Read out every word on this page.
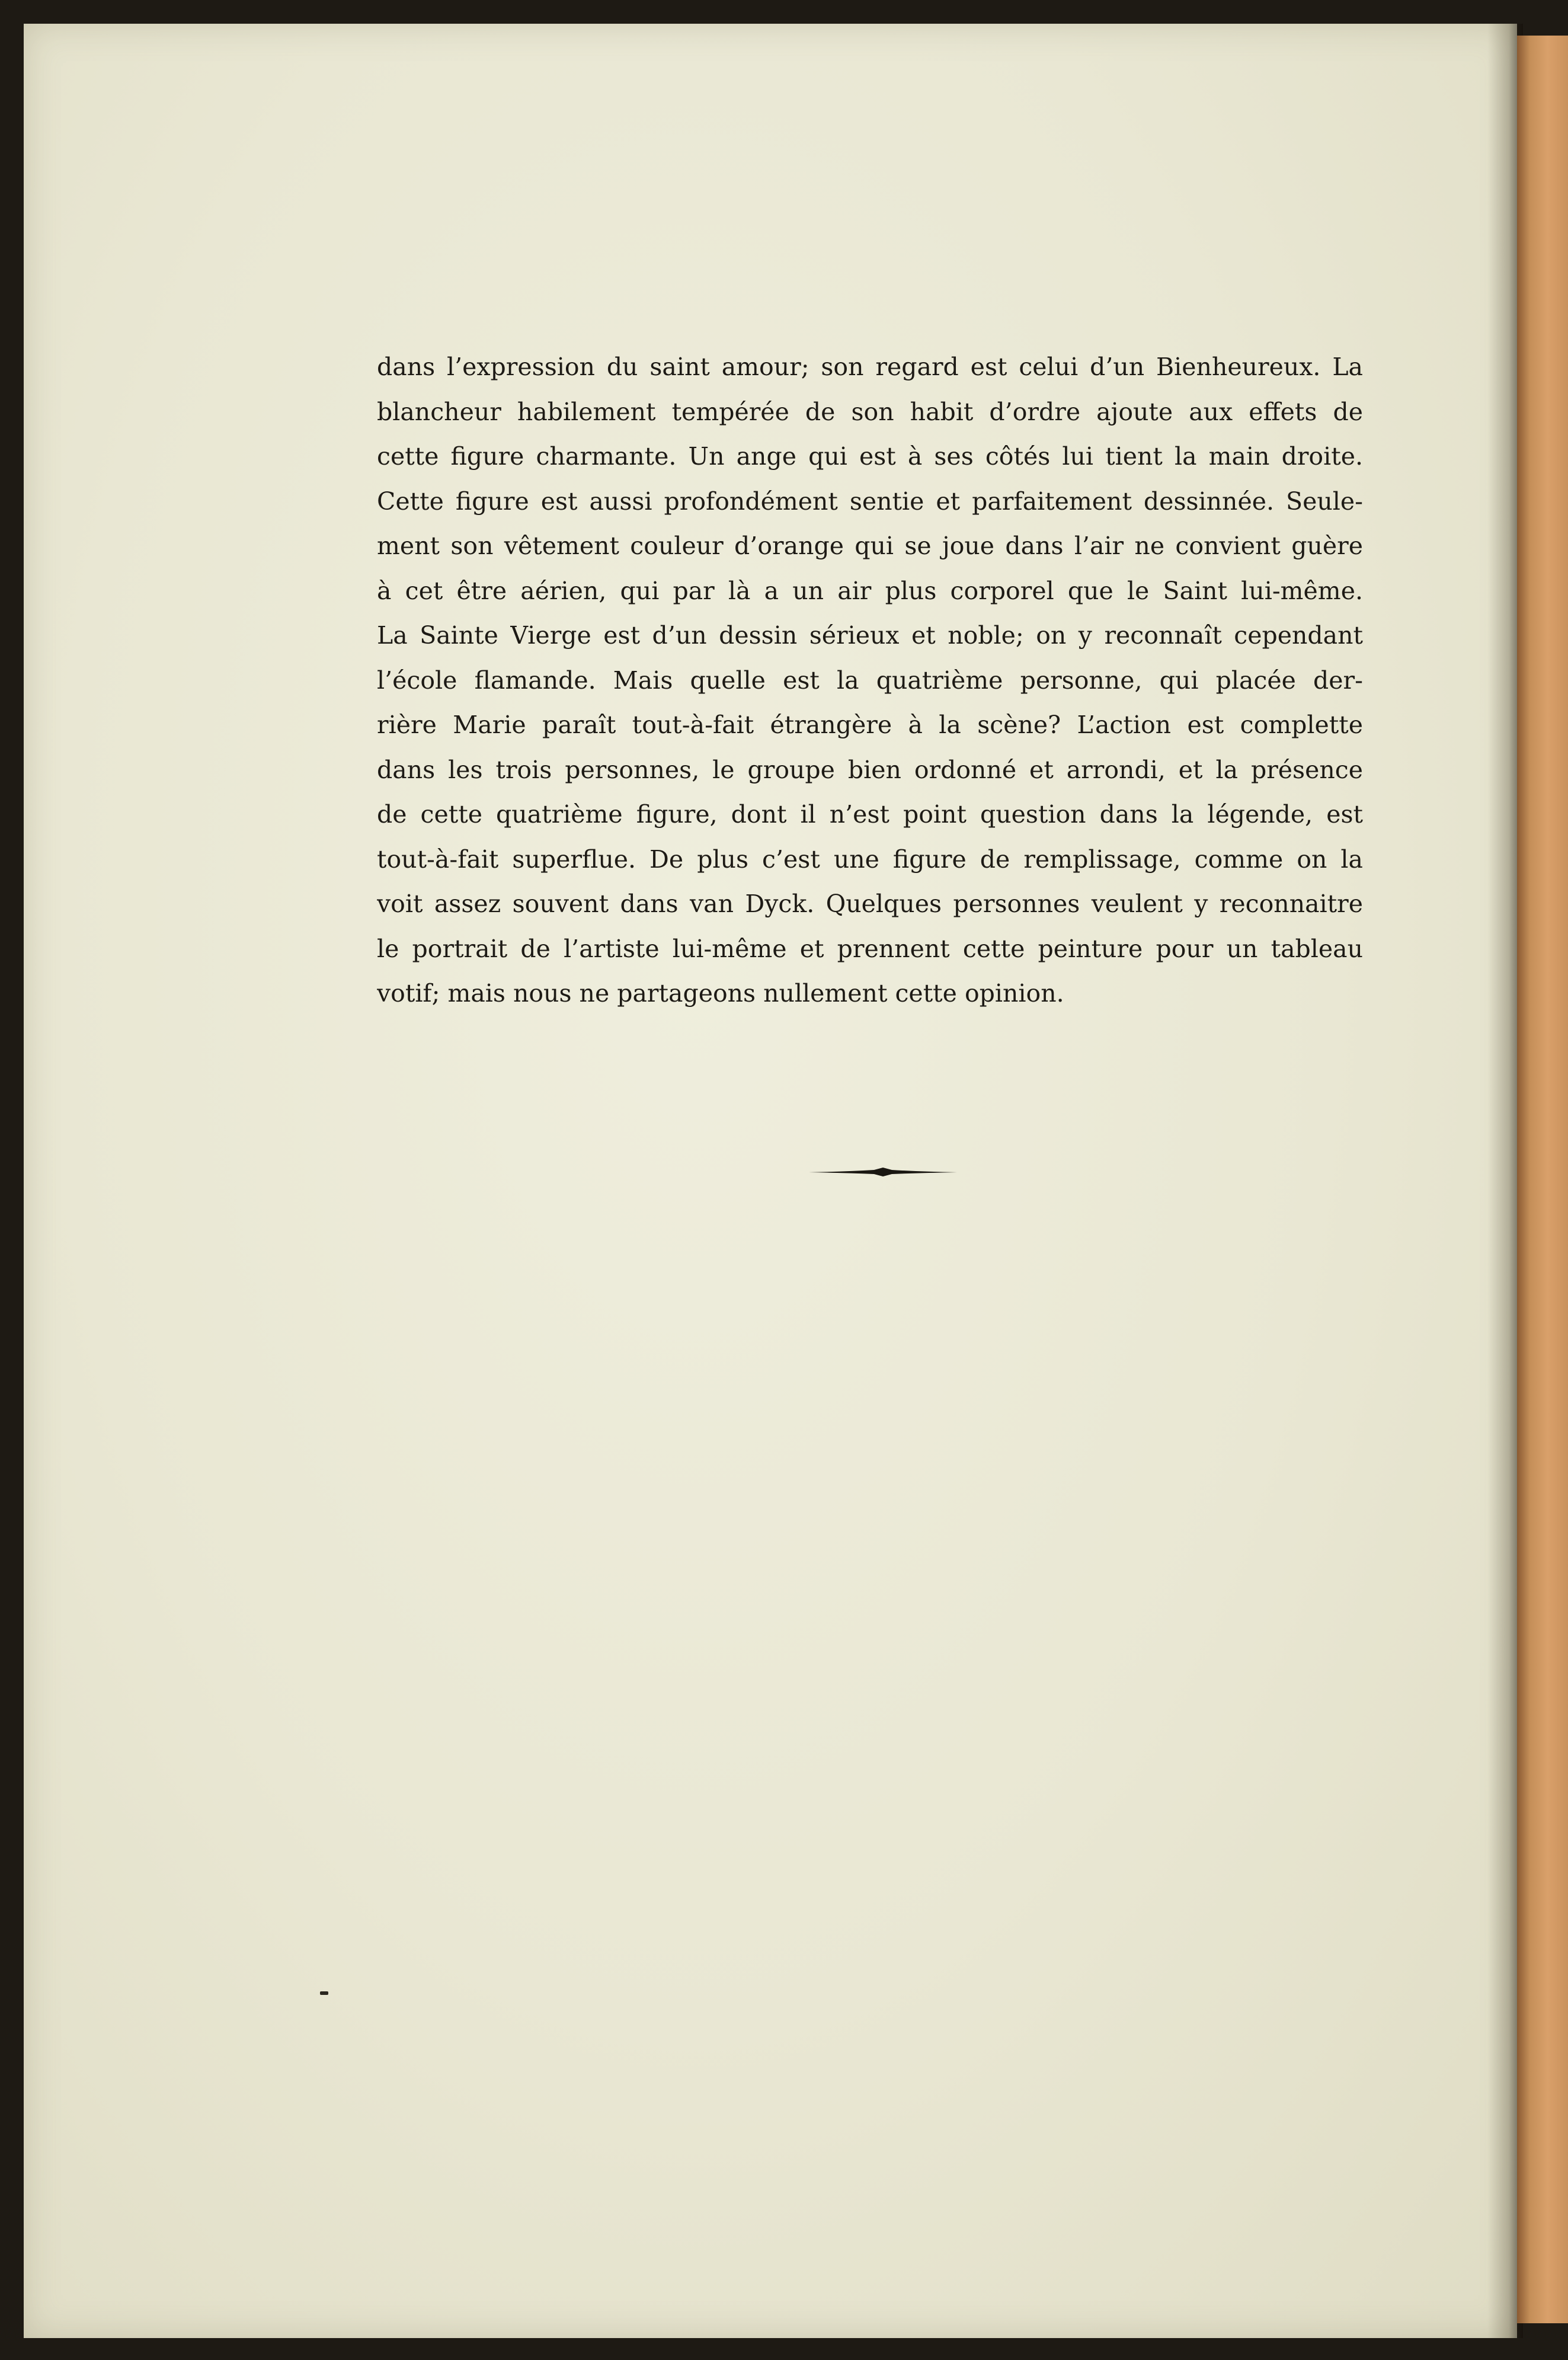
dans l’expression du saint amour; son regard est celui d’un Bienheureux. La
blancheur habilement tempérée de son habit d’ordre ajoute aux effets de
cette figure charmante. Un ange qui est à ses côtés lui tient la main droite.
Cette figure est aussi profondément sentie et parfaitement dessinnée. Seule-
ment son vêtement couleur d’orange qui se joue dans l’air ne convient guère
à cet être aérien, qui par là a un air plus corporel que le Saint lui-même.
La Sainte Vierge est d’un dessin sérieux et noble; on y reconnaît cependant
l’école flamande. Mais quelle est la quatrième personne, qui placée der-
rière Marie paraît tout-à-fait étrangère à la scène? L’action est complette
dans les trois personnes, le groupe bien ordonné et arrondi, et la présence
de cette quatrième figure, dont il n’est point question dans la légende, est
tout-à-fait superflue. De plus c’est une figure de remplissage, comme on la
voit assez souvent dans van Dyck. Quelques personnes veulent y reconnaitre
le portrait de l’artiste lui-même et prennent cette peinture pour un tableau
votif; mais nous ne partageons nullement cette opinion.
